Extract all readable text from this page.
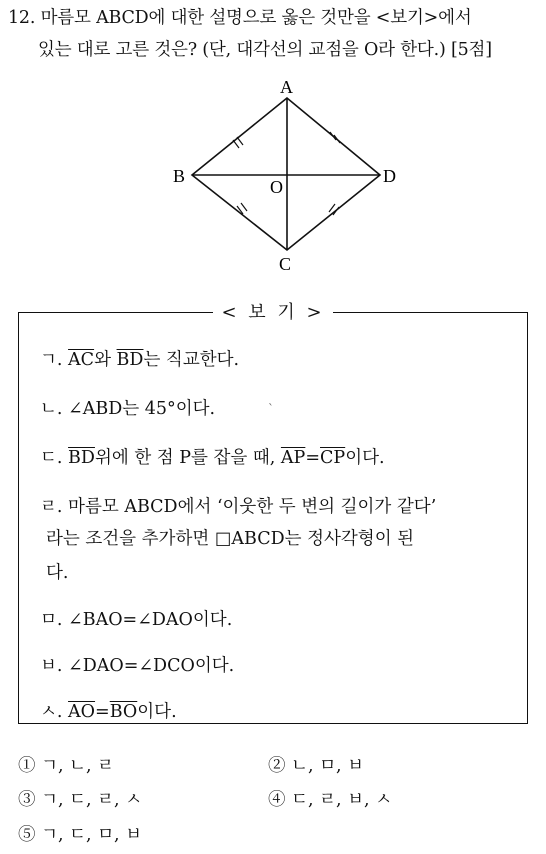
12. 마름모 ABCD에 대한 설명으로 옳은 것만을 <보기>에서
있는 대로 고른 것은? (단, 대각선의 교점을 O라 한다.) [5점]
A
B
C
D
O
< 보 기 >
ㄱ. $\overline{AC}$와 $\overline{BD}$는 직교한다.
ㄴ. ∠ABD는 45°이다.	ˋ
ㄷ. $\overline{BD}$위에 한 점 P를 잡을 때, $\overline{AP}=\overline{CP}$이다.
ㄹ. 마름모 ABCD에서 ‘이웃한 두 변의 길이가 같다’
라는 조건을 추가하면 □ABCD는 정사각형이 된
다.
ㅁ. ∠BAO=∠DAO이다.
ㅂ. ∠DAO=∠DCO이다.
ㅅ. $\overline{AO}=\overline{BO}$이다.
① ㄱ, ㄴ, ㄹ	② ㄴ, ㅁ, ㅂ
③ ㄱ, ㄷ, ㄹ, ㅅ	④ ㄷ, ㄹ, ㅂ, ㅅ
⑤ ㄱ, ㄷ, ㅁ, ㅂ
